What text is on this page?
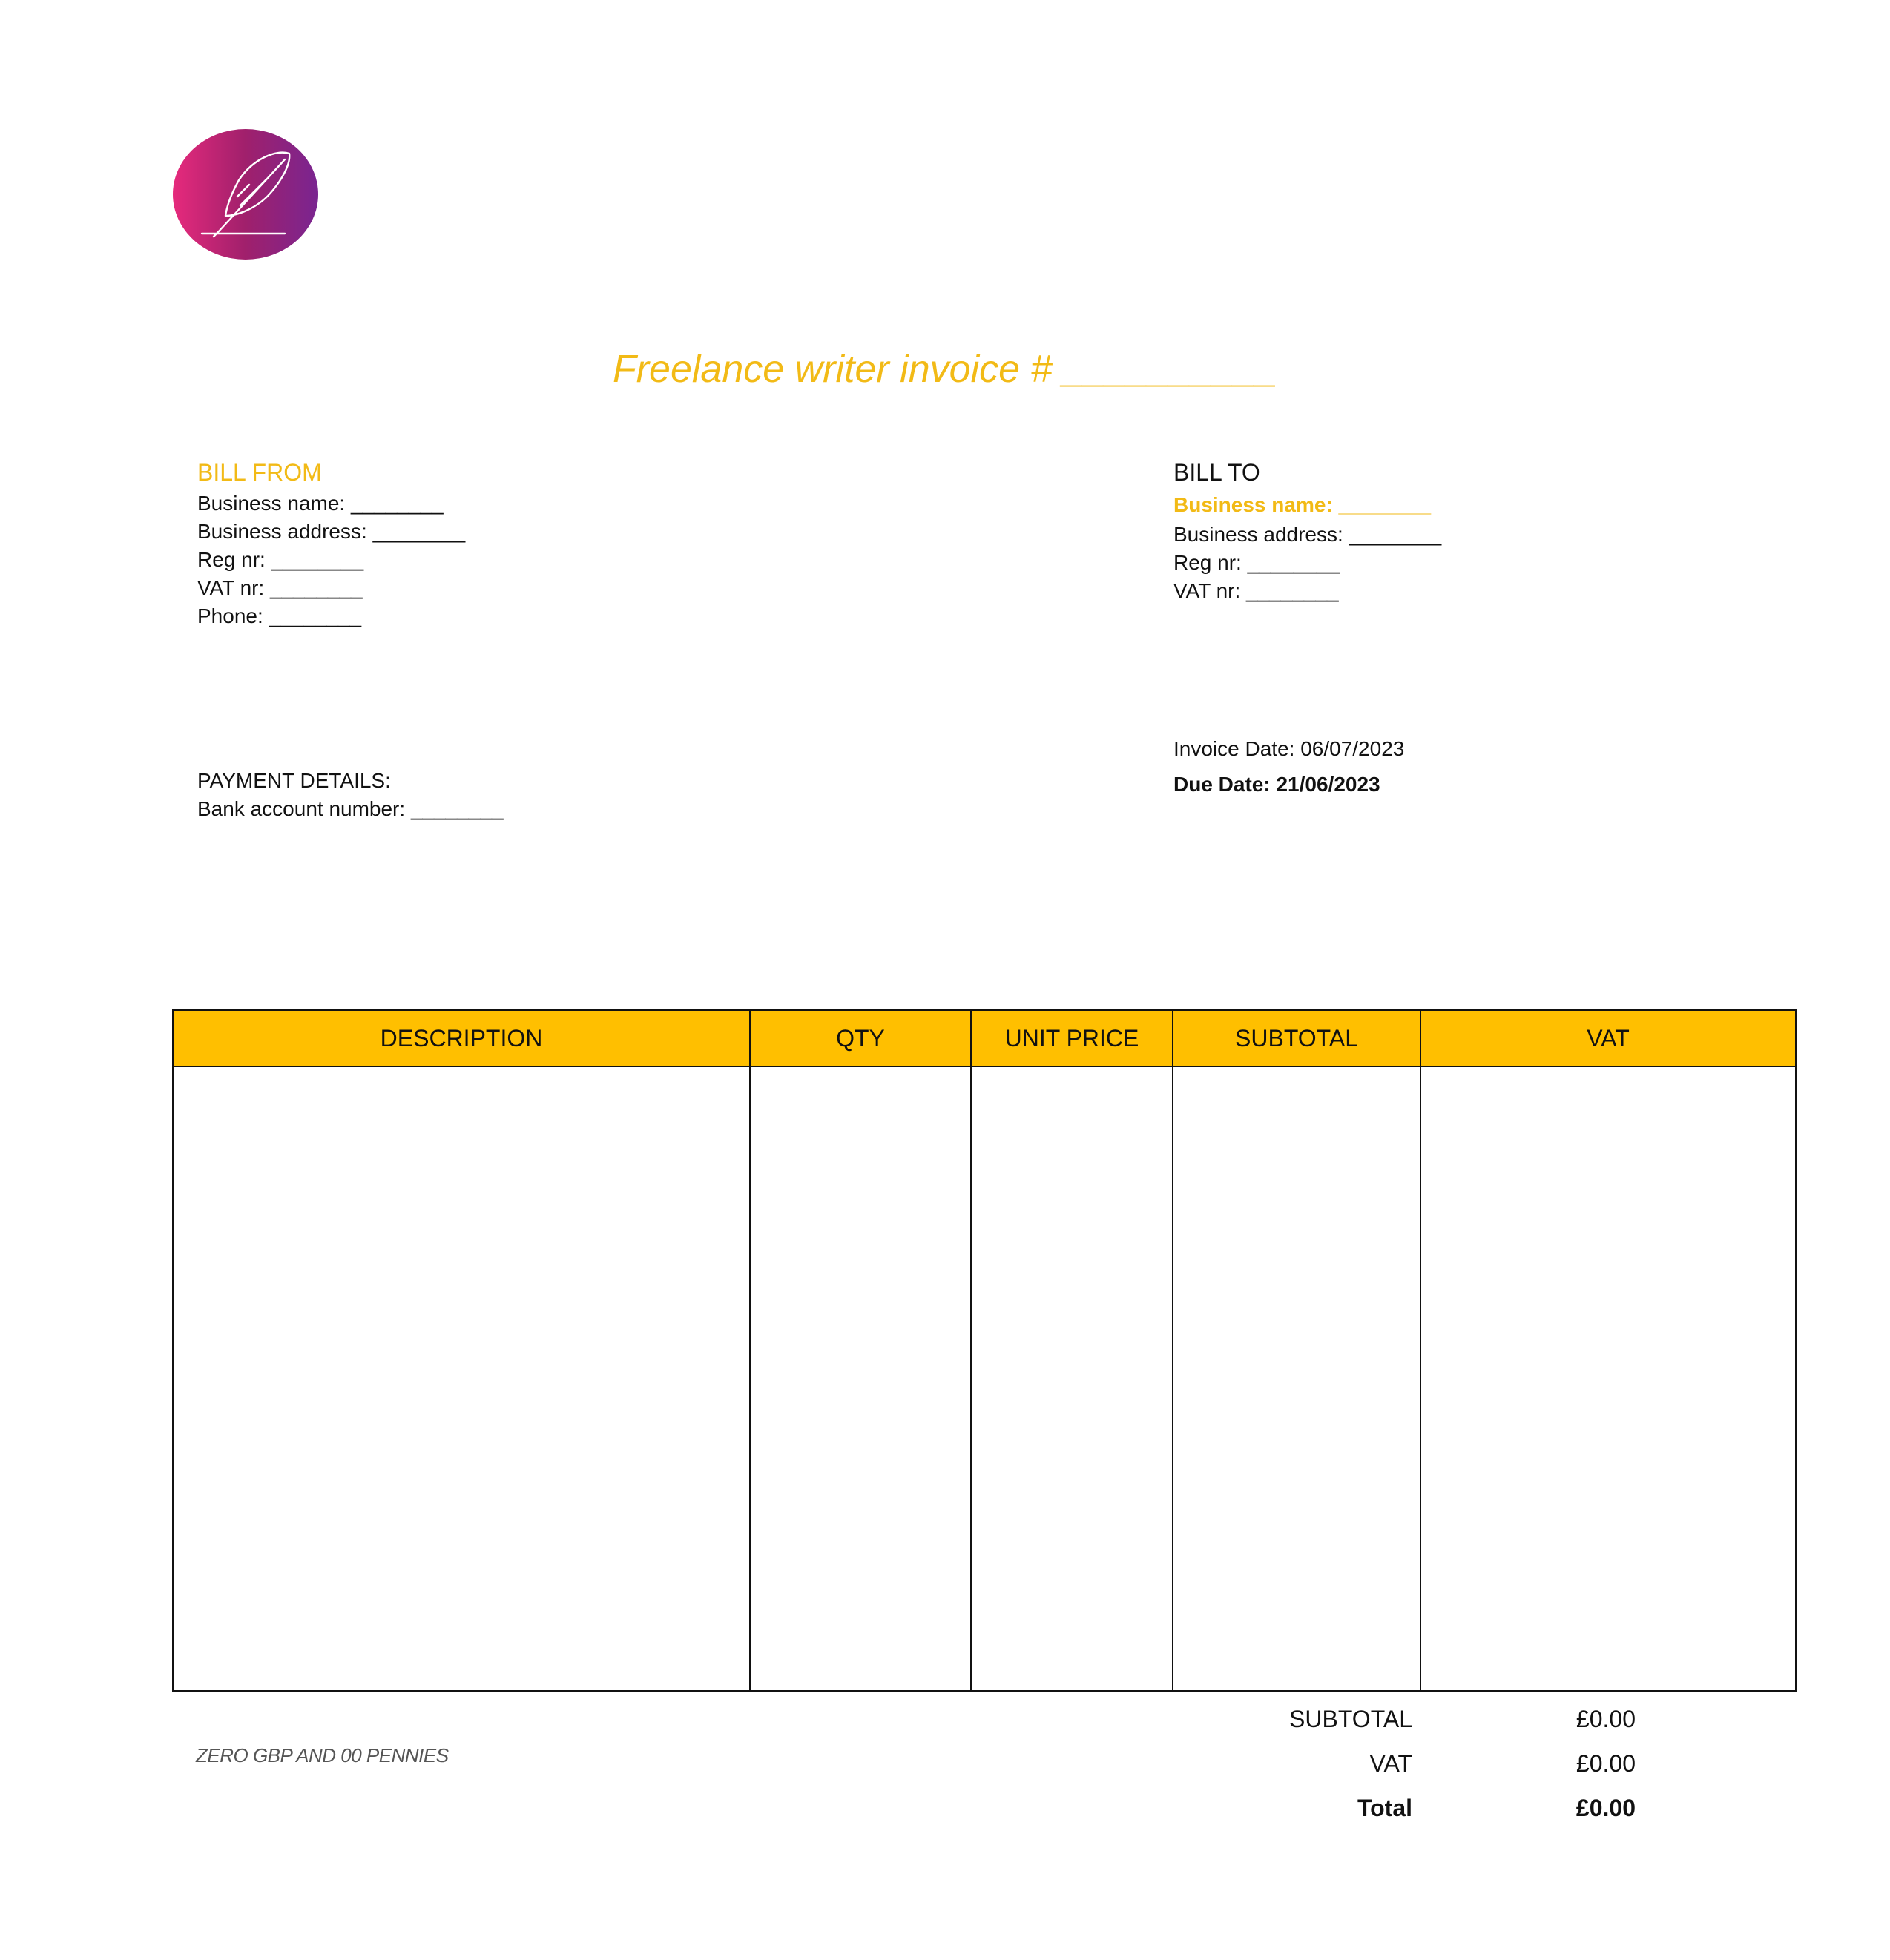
Freelance writer invoice # __________
BILL FROM
Business name: ________
Business address: ________
Reg nr: ________
VAT nr: ________
Phone: ________
BILL TO
Business name: ________
Business address: ________
Reg nr: ________
VAT nr: ________
PAYMENT DETAILS:
Bank account number: ________
Invoice Date: 06/07/2023
Due Date: 21/06/2023
DESCRIPTION	QTY	UNIT PRICE	SUBTOTAL	VAT
ZERO GBP AND 00 PENNIES
SUBTOTAL	£0.00
VAT	£0.00
Total	£0.00
